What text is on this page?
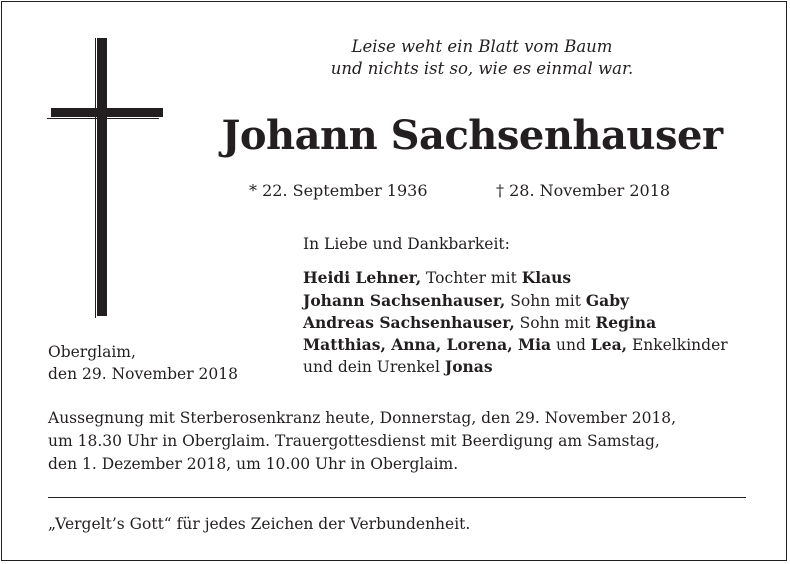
Leise weht ein Blatt vom Baum
und nichts ist so, wie es einmal war.
Johann Sachsenhauser
* 22. September 1936	† 28. November 2018
In Liebe und Dankbarkeit:
Heidi Lehner, Tochter mit Klaus
Johann Sachsenhauser, Sohn mit Gaby
Andreas Sachsenhauser, Sohn mit Regina
Matthias, Anna, Lorena, Mia und Lea, Enkelkinder
und dein Urenkel Jonas
Oberglaim,
den 29. November 2018
Aussegnung mit Sterberosenkranz heute, Donnerstag, den 29. November 2018,
um 18.30 Uhr in Oberglaim. Trauergottesdienst mit Beerdigung am Samstag,
den 1. Dezember 2018, um 10.00 Uhr in Oberglaim.
„Vergelt’s Gott“ für jedes Zeichen der Verbundenheit.
